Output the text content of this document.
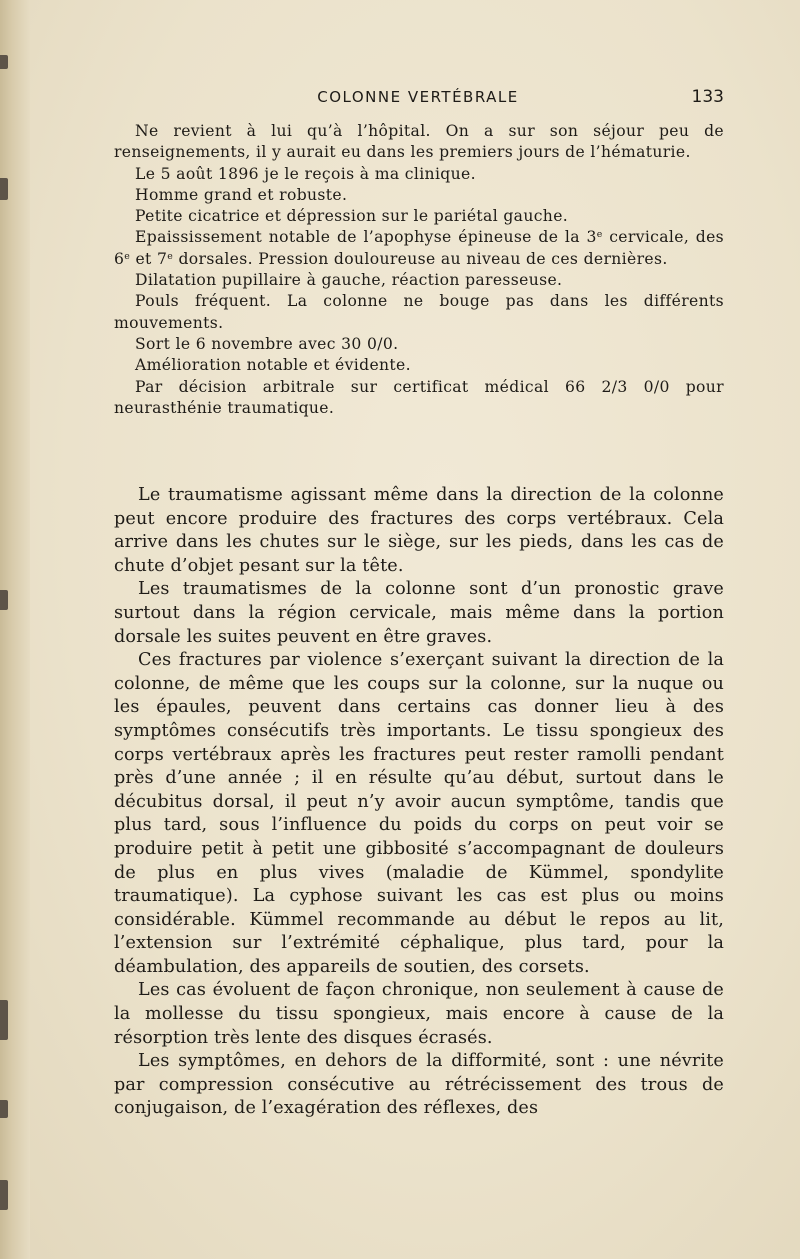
COLONNE VERTÉBRALE	133

Ne revient à lui qu’à l’hôpital. On a sur son séjour peu de renseignements, il y aurait eu dans les premiers jours de l’hématurie.

Le 5 août 1896 je le reçois à ma clinique.

Homme grand et robuste.

Petite cicatrice et dépression sur le pariétal gauche.

Epaississement notable de l’apophyse épineuse de la 3e cervicale, des 6e et 7e dorsales. Pression douloureuse au niveau de ces dernières.

Dilatation pupillaire à gauche, réaction paresseuse.

Pouls fréquent. La colonne ne bouge pas dans les différents mouvements.

Sort le 6 novembre avec 30 0/0.

Amélioration notable et évidente.

Par décision arbitrale sur certificat médical 66 2/3 0/0 pour neurasthénie traumatique.

Le traumatisme agissant même dans la direction de la colonne peut encore produire des fractures des corps vertébraux. Cela arrive dans les chutes sur le siège, sur les pieds, dans les cas de chute d’objet pesant sur la tête.

Les traumatismes de la colonne sont d’un pronostic grave surtout dans la région cervicale, mais même dans la portion dorsale les suites peuvent en être graves.

Ces fractures par violence s’exerçant suivant la direction de la colonne, de même que les coups sur la colonne, sur la nuque ou les épaules, peuvent dans certains cas donner lieu à des symptômes consécutifs très importants. Le tissu spongieux des corps vertébraux après les fractures peut rester ramolli pendant près d’une année ; il en résulte qu’au début, surtout dans le décubitus dorsal, il peut n’y avoir aucun symptôme, tandis que plus tard, sous l’influence du poids du corps on peut voir se produire petit à petit une gibbosité s’accompagnant de douleurs de plus en plus vives (maladie de Kümmel, spondylite traumatique). La cyphose suivant les cas est plus ou moins considérable. Kümmel recommande au début le repos au lit, l’extension sur l’extrémité céphalique, plus tard, pour la déambulation, des appareils de soutien, des corsets.

Les cas évoluent de façon chronique, non seulement à cause de la mollesse du tissu spongieux, mais encore à cause de la résorption très lente des disques écrasés.

Les symptômes, en dehors de la difformité, sont : une névrite par compression consécutive au rétrécissement des trous de conjugaison, de l’exagération des réflexes, des
